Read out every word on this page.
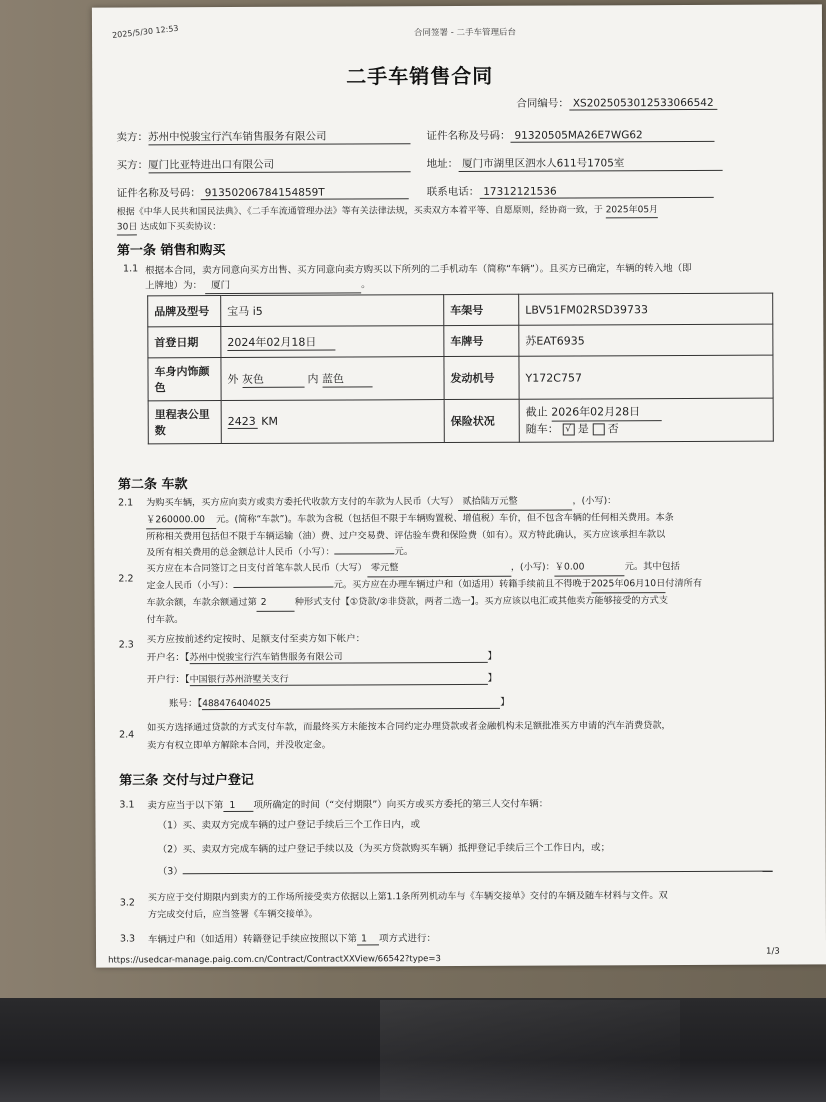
2025/5/30 12:53	合同签署 - 二手车管理后台
二手车销售合同
合同编号： XS2025053012533066542
卖方：苏州中悦骏宝行汽车销售服务有限公司	证件名称及号码： 91320505MA26E7WG62
买方：厦门比亚特进出口有限公司	地址： 厦门市湖里区泗水人611号1705室
证件名称及号码： 91350206784154859T	联系电话： 17312121536
根据《中华人民共和国民法典》、《二手车流通管理办法》等有关法律法规，买卖双方本着平等、自愿原则，经协商一致，于 2025年05月
30日 达成如下买卖协议：
第一条 销售和购买
1.1 根据本合同，卖方同意向买方出售、买方同意向卖方购买以下所列的二手机动车（简称“车辆”）。且买方已确定，车辆的转入地（即
上牌地）为： 厦门	。
品牌及型号	宝马 i5	车架号	LBV51FM02RSD39733
首登日期	2024年02月18日	车牌号	苏EAT6935
车身内饰颜色	外 灰色 内 蓝色	发动机号	Y172C757
里程表公里数	2423 KM	保险状况	截止 2026年02月28日
随车： √ 是 否
第二条 车款
2.1 为购买车辆，买方应向卖方或卖方委托代收款方支付的车款为人民币（大写） 贰拾陆万元整	，(小写)：
￥260000.00 元。(简称“车款”)。车款为含税（包括但不限于车辆购置税、增值税）车价，但不包含车辆的任何相关费用。本条
所称相关费用包括但不限于车辆运输（油）费、过户交易费、评估验车费和保险费（如有）。双方特此确认，买方应该承担车款以
及所有相关费用的总金额总计人民币（小写）：	元。
2.2
买方应在本合同签订之日支付首笔车款人民币（大写） 零元整	，(小写)：￥0.00	元。其中包括
定金人民币（小写）：	元。买方应在办理车辆过户和（如适用）转籍手续前且不得晚于2025年06月10日付清所有
车款余额，车款余额通过第 2	种形式支付【①贷款/②非贷款，两者二选一】。买方应该以电汇或其他卖方能够接受的方式支
付车款。
2.3 买方应按前述约定按时、足额支付至卖方如下帐户：
开户名：【苏州中悦骏宝行汽车销售服务有限公司	】
开户行：【中国银行苏州浒墅关支行	】
账号：【488476404025	】
2.4
如买方选择通过贷款的方式支付车款，而最终买方未能按本合同约定办理贷款或者金融机构未足额批准买方申请的汽车消费贷款，
卖方有权立即单方解除本合同，并没收定金。
第三条 交付与过户登记
3.1 卖方应当于以下第 1 项所确定的时间（“交付期限”）向买方或买方委托的第三人交付车辆：
（1）买、卖双方完成车辆的过户登记手续后三个工作日内，或
（2）买、卖双方完成车辆的过户登记手续以及（为买方贷款购买车辆）抵押登记手续后三个工作日内，或；
（3）
3.2 买方应于交付期限内到卖方的工作场所接受卖方依据以上第1.1条所列机动车与《车辆交接单》交付的车辆及随车材料与文件。双
方完成交付后，应当签署《车辆交接单》。
3.3 车辆过户和（如适用）转籍登记手续应按照以下第 1 项方式进行：
https://usedcar-manage.paig.com.cn/Contract/ContractXXView/66542?type=3
1/3
